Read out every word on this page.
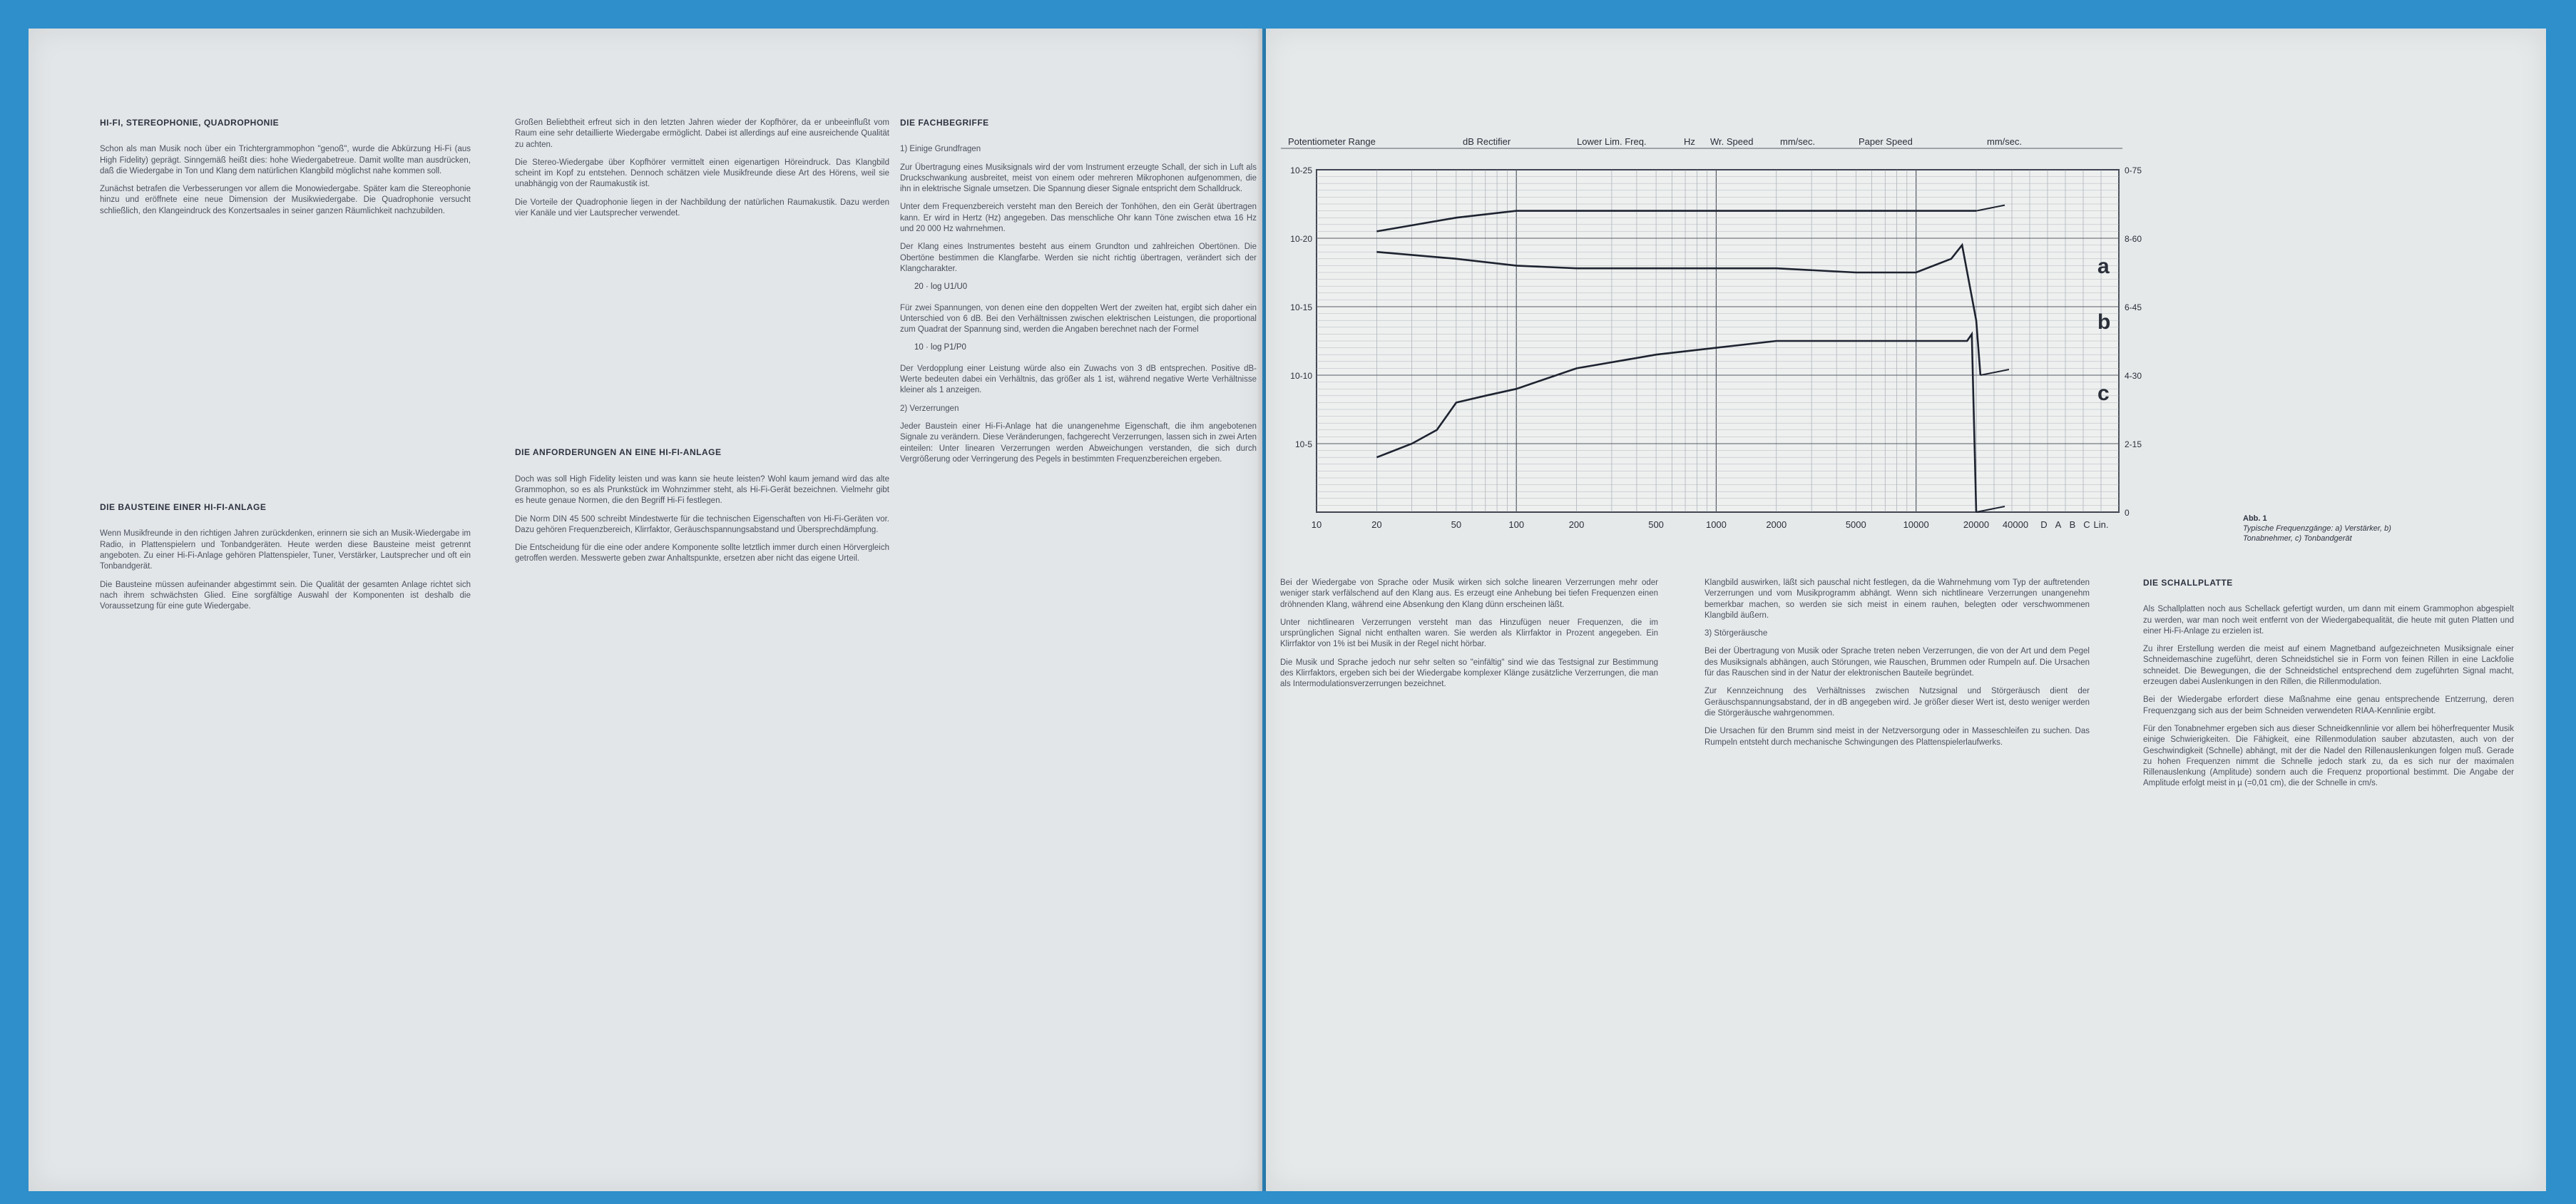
HI-FI, STEREOPHONIE, QUADROPHONIE

Schon als man Musik noch über ein Trichtergrammophon "genoß", wurde die Abkürzung Hi-Fi (aus High Fidelity) geprägt. Sinngemäß heißt dies: hohe Wiedergabetreue. Damit wollte man ausdrücken, daß die Wiedergabe in Ton und Klang dem natürlichen Klangbild möglichst nahe kommen soll.

Zunächst betrafen die Verbesserungen vor allem die Monowiedergabe. Später kam die Stereophonie hinzu und eröffnete eine neue Dimension der Musikwiedergabe. Die Quadrophonie versucht schließlich, den Klangeindruck des Konzertsaales in seiner ganzen Räumlichkeit nachzubilden.

DIE BAUSTEINE EINER HI-FI-ANLAGE

Wenn Musikfreunde in den richtigen Jahren zurückdenken, erinnern sie sich an Musik-Wiedergabe im Radio, in Plattenspielern und Tonbandgeräten. Heute werden diese Bausteine meist getrennt angeboten. Zu einer Hi-Fi-Anlage gehören Plattenspieler, Tuner, Verstärker, Lautsprecher und oft ein Tonbandgerät.

Die Bausteine müssen aufeinander abgestimmt sein. Die Qualität der gesamten Anlage richtet sich nach ihrem schwächsten Glied. Eine sorgfältige Auswahl der Komponenten ist deshalb die Voraussetzung für eine gute Wiedergabe.

Großen Beliebtheit erfreut sich in den letzten Jahren wieder der Kopfhörer, da er unbeeinflußt vom Raum eine sehr detaillierte Wiedergabe ermöglicht. Dabei ist allerdings auf eine ausreichende Qualität zu achten.

Die Stereo-Wiedergabe über Kopfhörer vermittelt einen eigenartigen Höreindruck. Das Klangbild scheint im Kopf zu entstehen. Dennoch schätzen viele Musikfreunde diese Art des Hörens, weil sie unabhängig von der Raumakustik ist.

Die Vorteile der Quadrophonie liegen in der Nachbildung der natürlichen Raumakustik. Dazu werden vier Kanäle und vier Lautsprecher verwendet.

DIE ANFORDERUNGEN AN EINE HI-FI-ANLAGE

Doch was soll High Fidelity leisten und was kann sie heute leisten? Wohl kaum jemand wird das alte Grammophon, so es als Prunkstück im Wohnzimmer steht, als Hi-Fi-Gerät bezeichnen. Vielmehr gibt es heute genaue Normen, die den Begriff Hi-Fi festlegen.

Die Norm DIN 45 500 schreibt Mindestwerte für die technischen Eigenschaften von Hi-Fi-Geräten vor. Dazu gehören Frequenzbereich, Klirrfaktor, Geräuschspannungsabstand und Übersprechdämpfung.

Die Entscheidung für die eine oder andere Komponente sollte letztlich immer durch einen Hörvergleich getroffen werden. Messwerte geben zwar Anhaltspunkte, ersetzen aber nicht das eigene Urteil.

DIE FACHBEGRIFFE

1) Einige Grundfragen

Zur Übertragung eines Musiksignals wird der vom Instrument erzeugte Schall, der sich in Luft als Druckschwankung ausbreitet, meist von einem oder mehreren Mikrophonen aufgenommen, die ihn in elektrische Signale umsetzen. Die Spannung dieser Signale entspricht dem Schalldruck.

Unter dem Frequenzbereich versteht man den Bereich der Tonhöhen, den ein Gerät übertragen kann. Er wird in Hertz (Hz) angegeben. Das menschliche Ohr kann Töne zwischen etwa 16 Hz und 20 000 Hz wahrnehmen.

Der Klang eines Instrumentes besteht aus einem Grundton und zahlreichen Obertönen. Die Obertöne bestimmen die Klangfarbe. Werden sie nicht richtig übertragen, verändert sich der Klangcharakter.

20 · log U1/U0

Für zwei Spannungen, von denen eine den doppelten Wert der zweiten hat, ergibt sich daher ein Unterschied von 6 dB. Bei den Verhältnissen zwischen elektrischen Leistungen, die proportional zum Quadrat der Spannung sind, werden die Angaben berechnet nach der Formel

10 · log P1/P0

Der Verdopplung einer Leistung würde also ein Zuwachs von 3 dB entsprechen. Positive dB-Werte bedeuten dabei ein Verhältnis, das größer als 1 ist, während negative Werte Verhältnisse kleiner als 1 anzeigen.

2) Verzerrungen

Jeder Baustein einer Hi-Fi-Anlage hat die unangenehme Eigenschaft, die ihm angebotenen Signale zu verändern. Diese Veränderungen, fachgerecht Verzerrungen, lassen sich in zwei Arten einteilen: Unter linearen Verzerrungen werden Abweichungen verstanden, die sich durch Vergrößerung oder Verringerung des Pegels in bestimmten Frequenzbereichen ergeben.

Bei der Wiedergabe von Sprache oder Musik wirken sich solche linearen Verzerrungen mehr oder weniger stark verfälschend auf den Klang aus. Es erzeugt eine Anhebung bei tiefen Frequenzen einen dröhnenden Klang, während eine Absenkung den Klang dünn erscheinen läßt.

Unter nichtlinearen Verzerrungen versteht man das Hinzufügen neuer Frequenzen, die im ursprünglichen Signal nicht enthalten waren. Sie werden als Klirrfaktor in Prozent angegeben. Ein Klirrfaktor von 1% ist bei Musik in der Regel nicht hörbar.

Die Musik und Sprache jedoch nur sehr selten so "einfältig" sind wie das Testsignal zur Bestimmung des Klirrfaktors, ergeben sich bei der Wiedergabe komplexer Klänge zusätzliche Verzerrungen, die man als Intermodulationsverzerrungen bezeichnet.

Klangbild auswirken, läßt sich pauschal nicht festlegen, da die Wahrnehmung vom Typ der auftretenden Verzerrungen und vom Musikprogramm abhängt. Wenn sich nichtlineare Verzerrungen unangenehm bemerkbar machen, so werden sie sich meist in einem rauhen, belegten oder verschwommenen Klangbild äußern.

3) Störgeräusche

Bei der Übertragung von Musik oder Sprache treten neben Verzerrungen, die von der Art und dem Pegel des Musiksignals abhängen, auch Störungen, wie Rauschen, Brummen oder Rumpeln auf. Die Ursachen für das Rauschen sind in der Natur der elektronischen Bauteile begründet.

Zur Kennzeichnung des Verhältnisses zwischen Nutzsignal und Störgeräusch dient der Geräuschspannungsabstand, der in dB angegeben wird. Je größer dieser Wert ist, desto weniger werden die Störgeräusche wahrgenommen.

Die Ursachen für den Brumm sind meist in der Netzversorgung oder in Masseschleifen zu suchen. Das Rumpeln entsteht durch mechanische Schwingungen des Plattenspielerlaufwerks.

DIE SCHALLPLATTE

Als Schallplatten noch aus Schellack gefertigt wurden, um dann mit einem Grammophon abgespielt zu werden, war man noch weit entfernt von der Wiedergabequalität, die heute mit guten Platten und einer Hi-Fi-Anlage zu erzielen ist.

Zu ihrer Erstellung werden die meist auf einem Magnetband aufgezeichneten Musiksignale einer Schneidemaschine zugeführt, deren Schneidstichel sie in Form von feinen Rillen in eine Lackfolie schneidet. Die Bewegungen, die der Schneidstichel entsprechend dem zugeführten Signal macht, erzeugen dabei Auslenkungen in den Rillen, die Rillenmodulation.

Bei der Wiedergabe erfordert diese Maßnahme eine genau entsprechende Entzerrung, deren Frequenzgang sich aus der beim Schneiden verwendeten RIAA-Kennlinie ergibt.

Für den Tonabnehmer ergeben sich aus dieser Schneidkennlinie vor allem bei höherfrequenter Musik einige Schwierigkeiten. Die Fähigkeit, eine Rillenmodulation sauber abzutasten, auch von der Geschwindigkeit (Schnelle) abhängt, mit der die Nadel den Rillenauslenkungen folgen muß. Gerade zu hohen Frequenzen nimmt die Schnelle jedoch stark zu, da es sich nur der maximalen Rillenauslenkung (Amplitude) sondern auch die Frequenz proportional bestimmt. Die Angabe der Amplitude erfolgt meist in µ (=0,01 cm), die der Schnelle in cm/s.

Potentiometer Range	dB Rectifier	Lower Lim. Freq.	Hz Wr. Speed	mm/sec.	Paper Speed	mm/sec.
a
b
c
10	20	50	100	200	500	1000	2000	5000	10000	20000 40000 D A B C Lin.
10-25
10-20
10-15
10-10
10-5
0-75
8-60
6-45
4-30
2-15
0
Abb. 1
Typische Frequenzgänge: a) Verstärker, b) Tonabnehmer, c) Tonbandgerät
